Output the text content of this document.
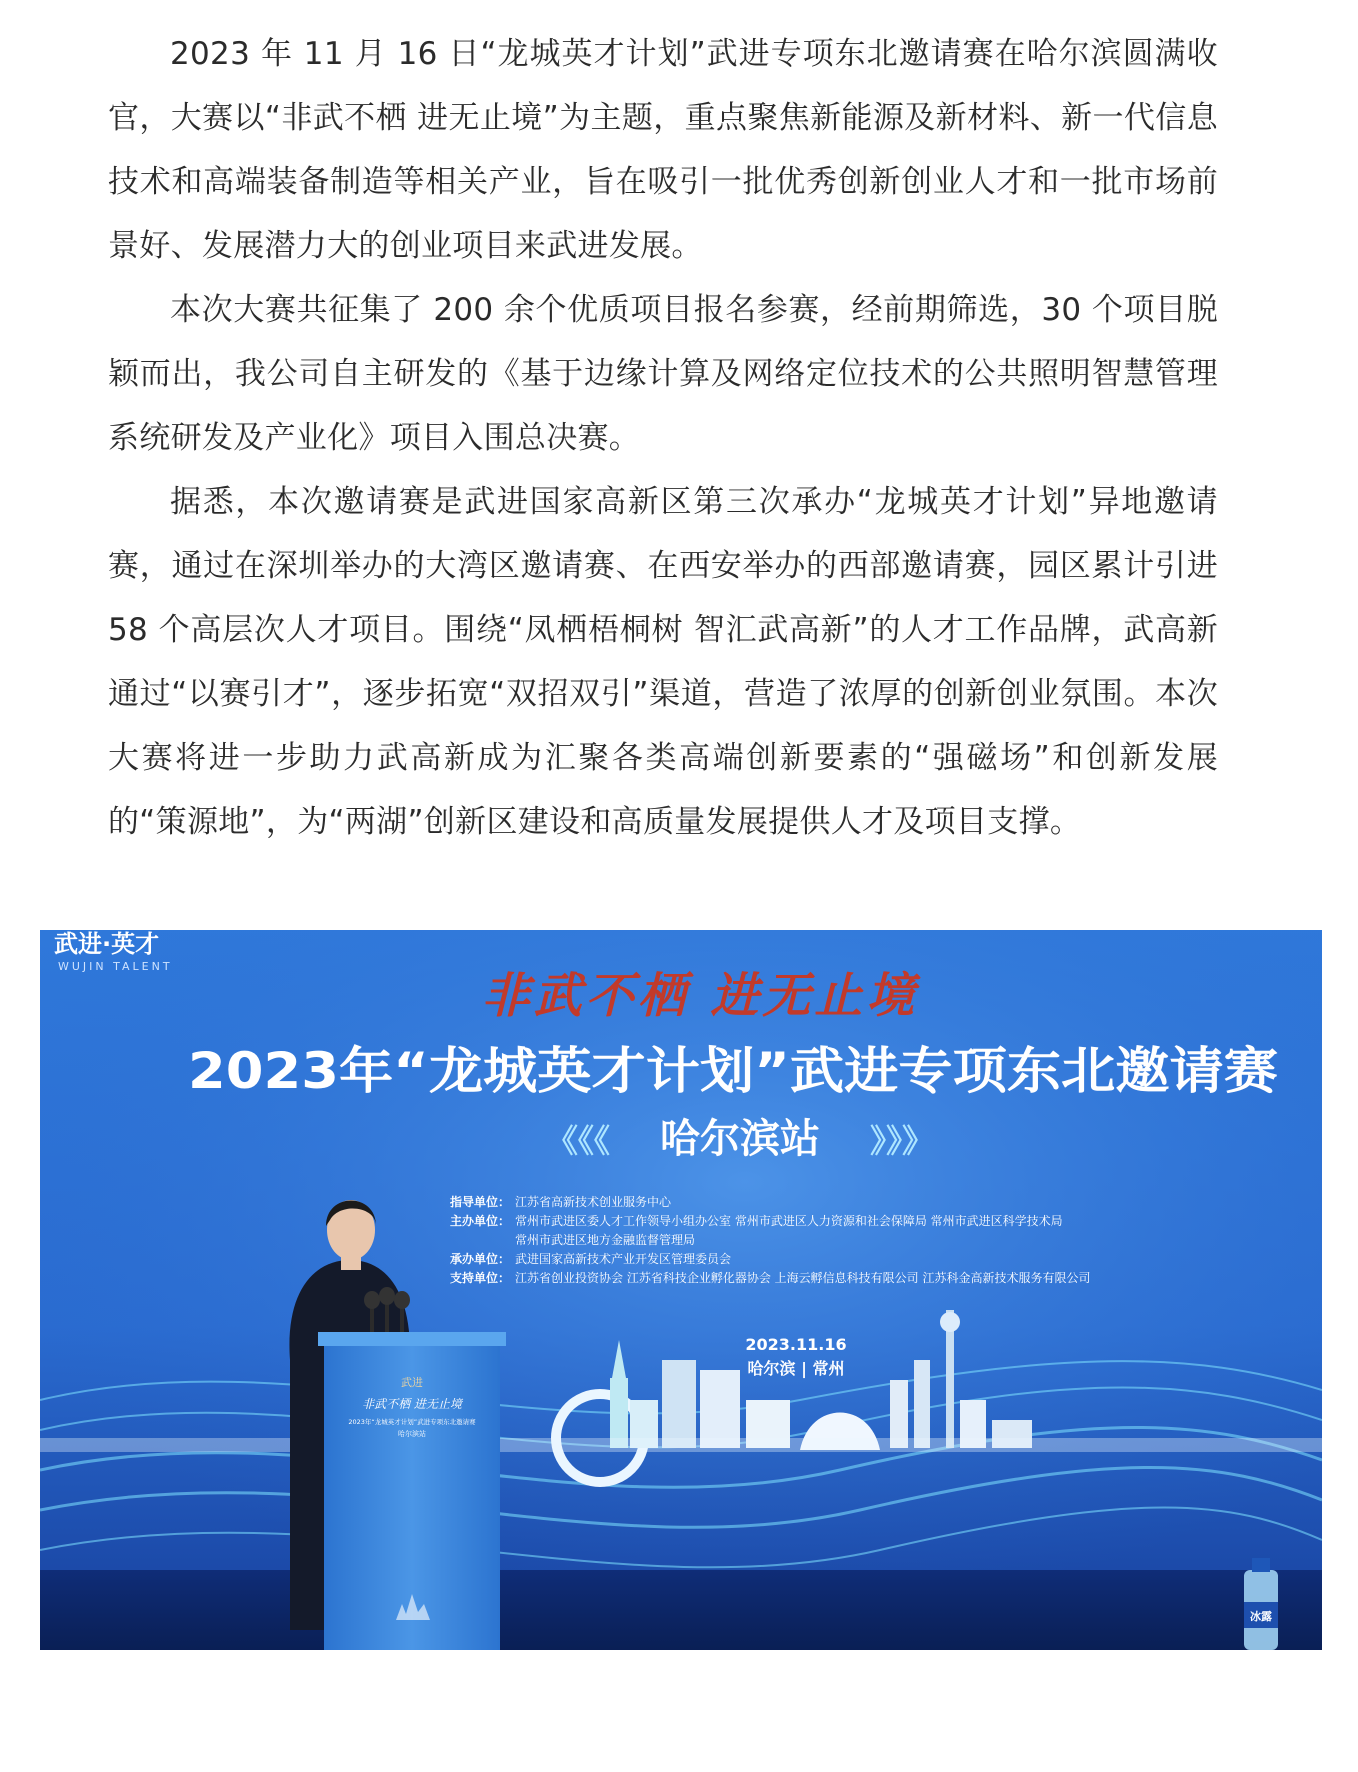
2023 年 11 月 16 日“龙城英才计划”武进专项东北邀请赛在哈尔滨圆满收官，大赛以“非武不栖 进无止境”为主题，重点聚焦新能源及新材料、新一代信息技术和高端装备制造等相关产业，旨在吸引一批优秀创新创业人才和一批市场前景好、发展潜力大的创业项目来武进发展。

本次大赛共征集了 200 余个优质项目报名参赛，经前期筛选，30 个项目脱颖而出，我公司自主研发的《基于边缘计算及网络定位技术的公共照明智慧管理系统研发及产业化》项目入围总决赛。

据悉，本次邀请赛是武进国家高新区第三次承办“龙城英才计划”异地邀请赛，通过在深圳举办的大湾区邀请赛、在西安举办的西部邀请赛，园区累计引进 58 个高层次人才项目。围绕“凤栖梧桐树 智汇武高新”的人才工作品牌，武高新通过“以赛引才”，逐步拓宽“双招双引”渠道，营造了浓厚的创新创业氛围。本次大赛将进一步助力武高新成为汇聚各类高端创新要素的“强磁场”和创新发展的“策源地”，为“两湖”创新区建设和高质量发展提供人才及项目支撑。

武进·英才
WUJIN TALENT
非武不栖 进无止境
2023年“龙城英才计划”武进专项东北邀请赛
《《《 哈尔滨站 》》》
指导单位： 江苏省高新技术创业服务中心
主办单位： 常州市武进区委人才工作领导小组办公室 常州市武进区人力资源和社会保障局 常州市武进区科学技术局
常州市武进区地方金融监督管理局
承办单位： 武进国家高新技术产业开发区管理委员会
支持单位： 江苏省创业投资协会 江苏省科技企业孵化器协会 上海云孵信息科技有限公司 江苏科金高新技术服务有限公司
2023.11.16
哈尔滨 | 常州
武进
非武不栖 进无止境
2023年“龙城英才计划”武进专项东北邀请赛
哈尔滨站
冰露
